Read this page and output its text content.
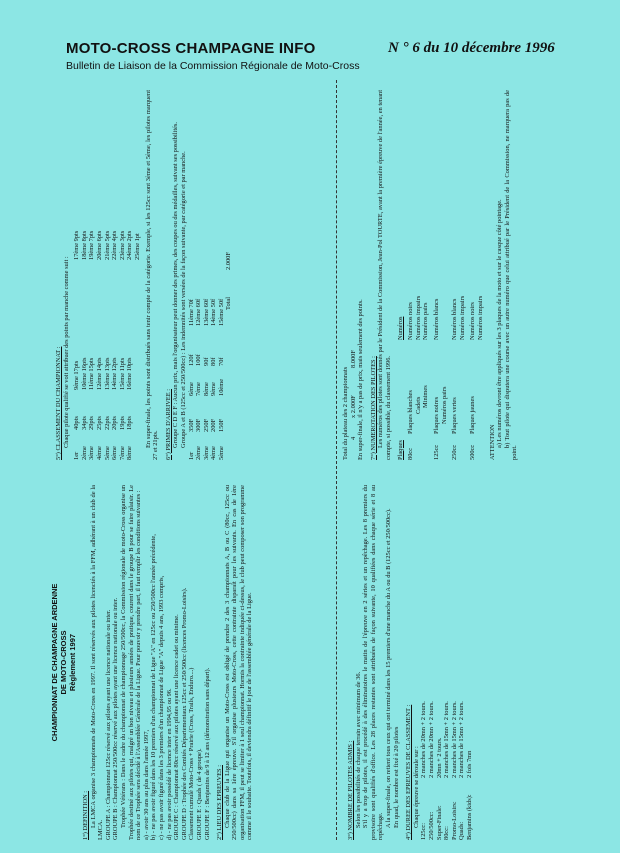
MOTO-CROSS CHAMPAGNE INFO	N ° 6 du 10 décembre 1996
Bulletin de Liaison de la Commission Régionale de Moto-Cross
CHAMPIONNAT DE CHAMPAGNE ARDENNE DE MOTO-CROSS Règlement 1997

1°) DEFINITION : La LMCA organise 3 championnats de Moto-Cross en 1997. Il sont réservés aux pilotes licenciés à la FFM, adhérant à un club de la LMCA. GROUPE A : Championnat 125cc réservé aux pilotes ayant une licence nationale ou inter. GROUPE B : Championnat 250/500cc réservé aux pilotes ayant une licence nationale ou inter. Trophée Vétérans : Dans le cadre du championnat de championnage 250/500cc, la Commission régionale de moto-Cross organise un Trophée destiné aux pilotes qui, malgré un bon niveau et plusieurs années de pratique, courent dans le groupe B pour se faire plaisir. Le nom de ce Trophée sera décidé à l'Assemblée Générale de la Ligue. Pour pouvoir y prendre part, il faut remplir les conditions suivantes : a) - avoir 30 ans au plus dans l'année 1997, b) - ne pas avoir figuré dans les 10 premiers d'un championnat de Ligue "A" en 125cc ou 250/500cc l'année précédente, c) - ne pas avoir figuré dans les 3 premiers d'un championnat de Ligue "A" depuis 4 ans, 1993 compris, d) - ne pas avoir possédé de licence inter en 1994,95 ou 96. GROUPE C : Championnat 80cc réservé aux pilotes ayant une licence cadet ou minime. GROUPE D : Trophée des Comités Départementaux 125cc et 250/500cc (licences Promo-Loisirs). Classement cumulé Moto-Cross + Prairie (Cross, Trails, Enduro....) GROUPE E : Quads ( de 4 groupe). GROUPE F : Benjamins de 9 à 12 ans (démonstration sans départ). 2°) LIEU DES EPREUVES : Chaque club de la Ligue qui organise un Moto-Cross est obligé de prendre 2 des 3 championnats A, B ou C (80cc, 125cc ou 250/500cc) dans sa 1ère épreuve. S'il organise plusieurs Moto-Cross, cette contrainte disparaît pour les suivants. En cas de 1ère organisation FFM, il peut se limiter à 1 seul championnat. Hormis la contrainte indiquée ci-dessus, le club peut composer son programme comme il le souhaite. Toutefois, il deviendra définitif le jour de l'assemblée générale de la Ligue.	3°) NOMBRE DE PILOTES ADMIS : Selon les possibilités de chaque terrain avec minimum de 36. S'il y a trop de pilotes, il est procédé à des éliminatoires le matin de l'épreuve en 2 séries et un repêchage. Les 8 premiers du provisoire sont qualifiés d'office. Les 28 places restantes sont attribuées de façon suivante, 10 qualifiées dans chaque série et 8 au repêchage. A la super-finale, on retient tous ceux qui ont terminé dans les 15 premiers d'une manche du A ou du B (125cc et 250/500cc). En quad, le nombre est fixé à 20 pilotes 4°) DUREE DES EPREUVES DE CLASSEMENT : Chaque épreuve se déroule sur :

125cc:2 manches de 20mn + 2 tours.
250/500cc:2 manches de 20mn + 2 tours.
Super-Finale:20mn + 2 tours.
80cc:2 manches de 15mn + 2 tours.
Promo-Loisirs:2 manches de 15mn + 2 tours.
Quads:2 manches de 15mn + 2 tours.
Benjamins (kids):2 fois 7mn

5°) CLASSEMENT DU CHAMPIONNAT : Chaque pilote qualifié se voit attribuer des points par manche comme suit :

1er
40pts
9ème 17pts
17ème 9pts
2ème
34pts
10ème 16pts
18ème 8pts
3ème
29pts
11ème 15pts
19ème 7pts
4ème
25pts
12ème 14pts
20ème 6pts
5ème
22pts
13ème 13pts
21ème 5pts
6ème
20pts
14ème 12pts
22ème 4pts
7ème
19pts
15ème 11pts
23ème 3pts
8ème
18pts
16ème 10pts
24ème 2pts 25ème 1pt En super-finale, les points sont distribués sans tenir compte de la catégorie. Exemple, si les 125cc sont 3ème et 5ème, les pilotes marquent 27 et 21pts. 6°) PRIMES D'ARRIVEE : Groupe C D E F : Aucun prix, mais l'organisateur peut donner des primes, des coupes ou des médailles, suivant ses possibilités. Groupe A et B (125cc et 250/500cc) : Les indemnités sont versées de la façon suivante, par catégorie et par manche.

1er
350F
6ème
120f
11ème 70f
2ème
300F
7ème
100f
12ème 60f
3ème
250F
8ème
90f
13ème 60f
4ème
200F
9ème
80f
14ème 50f
5ème
150F
10ème
70f
15ème 50f Total
2.000F

Total du plateau des 2 championnats 4
x 2.000F
8.000F En super-finale, il n'y a pas de prix, mais seulement des points. 7°) NUMEROTATION DES PILOTES : Les numéros des pilotes sont donnés par le Président de la Commission, Jean-Pol TOURTE, avant la première épreuve de l'année, en tenant compte, si possible, du classement 1996. Plaques
Numéros
80cc
Plaques blanches
Numéros noirs
Cadets
Numéros impairs
Minimes
Numéros pairs
125cc
Plaques noires
Numéros blancs
Numéros pairs
250cc
Plaques vertes
Numéros blancs Numéros impairs
500cc
Plaques jaunes
Numéros noirs Numéros impairs

ATTENTION a) Les numéros devront être appliqués sur les 3 plaques de la moto et sur le casque côté pointage. b) Tout pilote qui disputera une course avec un autre numéro que celui attribué par le Président de la Commission, ne marquera pas de point.
